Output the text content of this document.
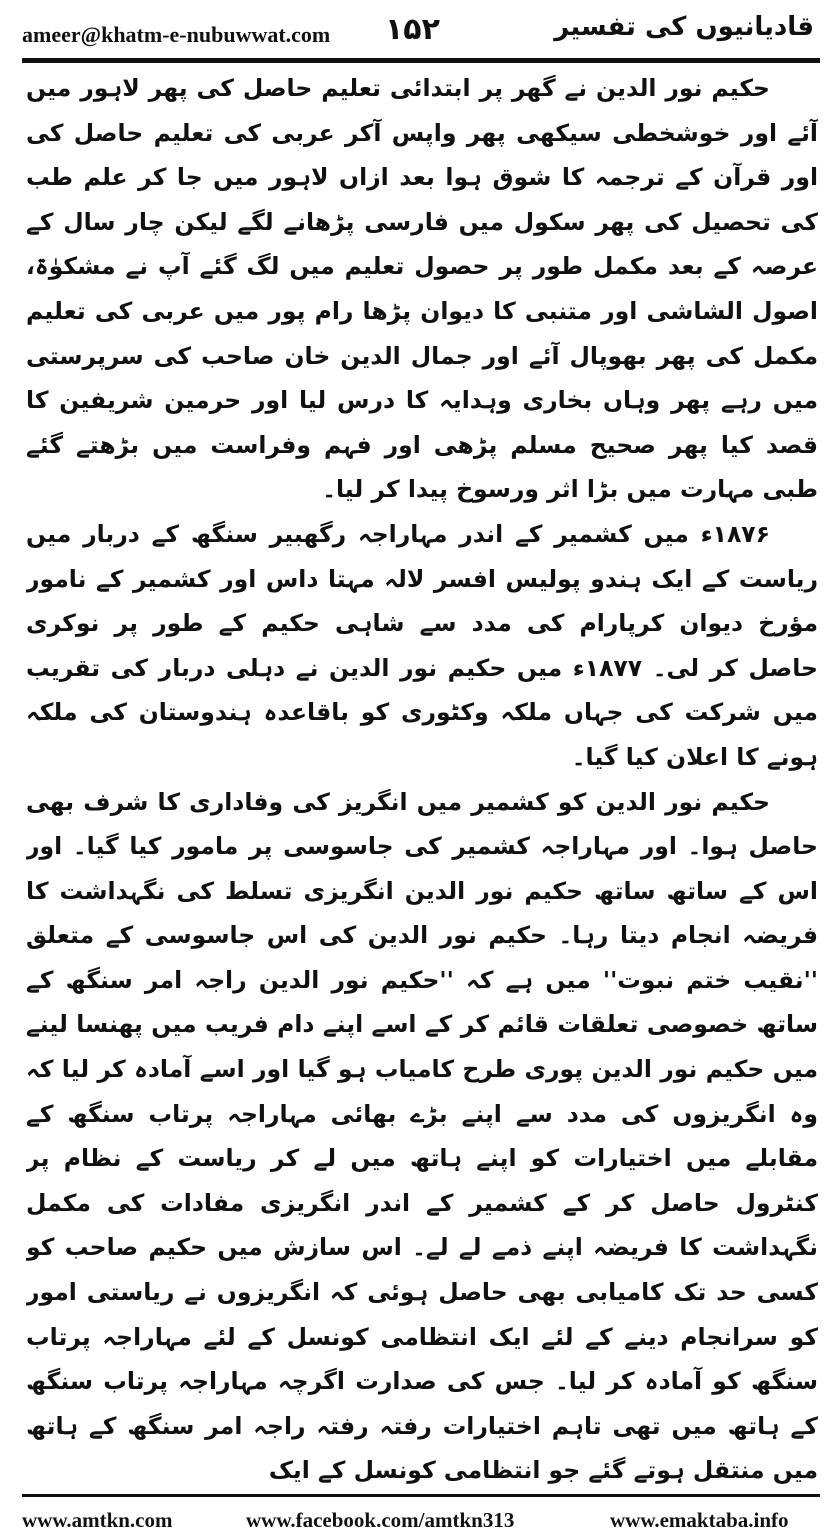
ameer@khatm-e-nubuwwat.com ۱۵۲	قادیانیوں کی تفسیر

حکیم نور الدین نے گھر پر ابتدائی تعلیم حاصل کی پھر لاہور میں آئے اور خوشخطی سیکھی پھر واپس آکر عربی کی تعلیم حاصل کی اور قرآن کے ترجمہ کا شوق ہوا بعد ازاں لاہور میں جا کر علم طب کی تحصیل کی پھر سکول میں فارسی پڑھانے لگے لیکن چار سال کے عرصہ کے بعد مکمل طور پر حصول تعلیم میں لگ گئے آپ نے مشکوٰۃ، اصول الشاشی اور متنبی کا دیوان پڑھا رام پور میں عربی کی تعلیم مکمل کی پھر بھوپال آئے اور جمال الدین خان صاحب کی سرپرستی میں رہے پھر وہاں بخاری وہدایہ کا درس لیا اور حرمین شریفین کا قصد کیا پھر صحیح مسلم پڑھی اور فہم وفراست میں بڑھتے گئے طبی مہارت میں بڑا اثر ورسوخ پیدا کر لیا۔

۱۸۷۶ء میں کشمیر کے اندر مہاراجہ رگھبیر سنگھ کے دربار میں ریاست کے ایک ہندو پولیس افسر لالہ مہتا داس اور کشمیر کے نامور مؤرخ دیوان کرپارام کی مدد سے شاہی حکیم کے طور پر نوکری حاصل کر لی۔ ۱۸۷۷ء میں حکیم نور الدین نے دہلی دربار کی تقریب میں شرکت کی جہاں ملکہ وکٹوری کو باقاعدہ ہندوستان کی ملکہ ہونے کا اعلان کیا گیا۔

حکیم نور الدین کو کشمیر میں انگریز کی وفاداری کا شرف بھی حاصل ہوا۔ اور مہاراجہ کشمیر کی جاسوسی پر مامور کیا گیا۔ اور اس کے ساتھ ساتھ حکیم نور الدین انگریزی تسلط کی نگہداشت کا فریضہ انجام دیتا رہا۔ حکیم نور الدین کی اس جاسوسی کے متعلق ''نقیب ختم نبوت'' میں ہے کہ ''حکیم نور الدین راجہ امر سنگھ کے ساتھ خصوصی تعلقات قائم کر کے اسے اپنے دام فریب میں پھنسا لینے میں حکیم نور الدین پوری طرح کامیاب ہو گیا اور اسے آمادہ کر لیا کہ وہ انگریزوں کی مدد سے اپنے بڑے بھائی مہاراجہ پرتاب سنگھ کے مقابلے میں اختیارات کو اپنے ہاتھ میں لے کر ریاست کے نظام پر کنٹرول حاصل کر کے کشمیر کے اندر انگریزی مفادات کی مکمل نگہداشت کا فریضہ اپنے ذمے لے لے۔ اس سازش میں حکیم صاحب کو کسی حد تک کامیابی بھی حاصل ہوئی کہ انگریزوں نے ریاستی امور کو سرانجام دینے کے لئے ایک انتظامی کونسل کے لئے مہاراجہ پرتاب سنگھ کو آمادہ کر لیا۔ جس کی صدارت اگرچہ مہاراجہ پرتاب سنگھ کے ہاتھ میں تھی تاہم اختیارات رفتہ رفتہ راجہ امر سنگھ کے ہاتھ میں منتقل ہوتے گئے جو انتظامی کونسل کے ایک

www.amtkn.com	www.facebook.com/amtkn313	www.emaktaba.info
